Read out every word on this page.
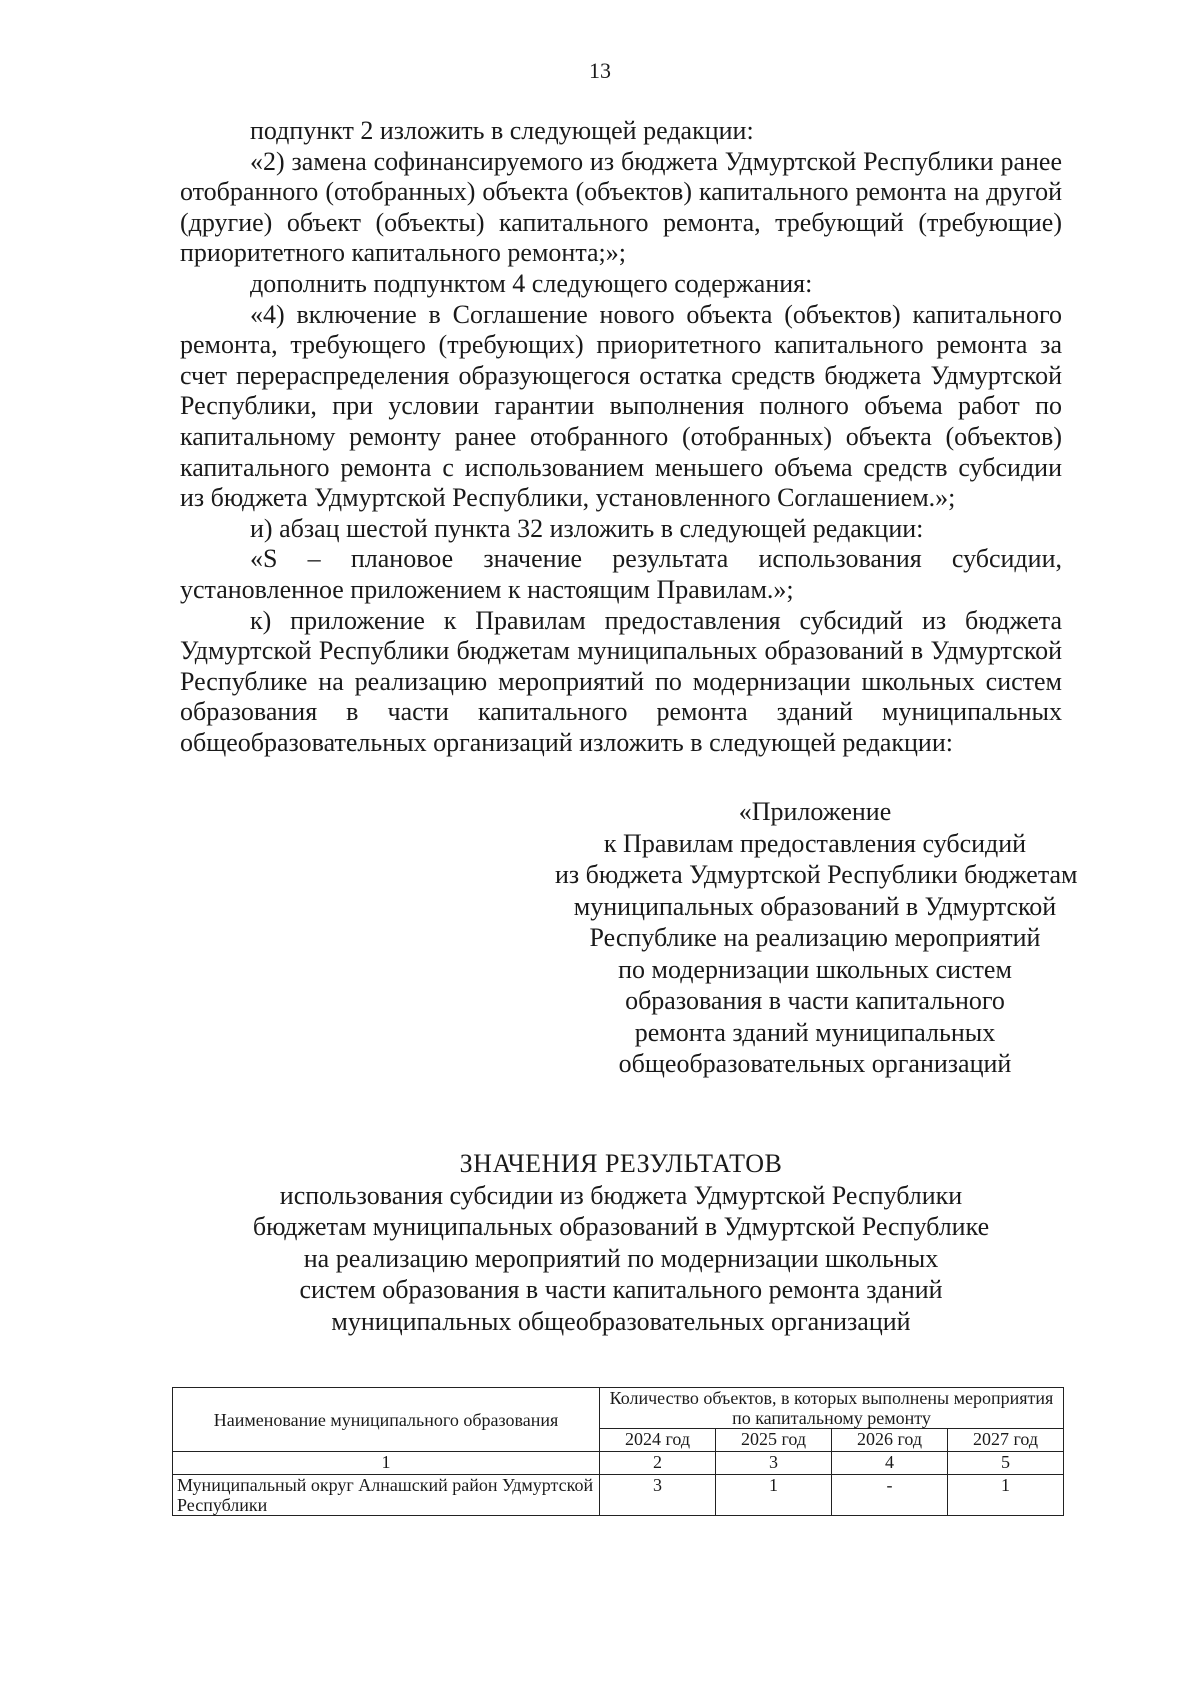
13

подпункт 2 изложить в следующей редакции:

«2) замена софинансируемого из бюджета Удмуртской Республики ранее отобранного (отобранных) объекта (объектов) капитального ремонта на другой (другие) объект (объекты) капитального ремонта, требующий (требующие) приоритетного капитального ремонта;»;

дополнить подпунктом 4 следующего содержания:

«4) включение в Соглашение нового объекта (объектов) капитального ремонта, требующего (требующих) приоритетного капитального ремонта за счет перераспределения образующегося остатка средств бюджета Удмуртской Республики, при условии гарантии выполнения полного объема работ по капитальному ремонту ранее отобранного (отобранных) объекта (объектов) капитального ремонта с использованием меньшего объема средств субсидии из бюджета Удмуртской Республики, установленного Соглашением.»;

и) абзац шестой пункта 32 изложить в следующей редакции:

«S – плановое значение результата использования субсидии, установленное приложением к настоящим Правилам.»;

к) приложение к Правилам предоставления субсидий из бюджета Удмуртской Республики бюджетам муниципальных образований в Удмуртской Республике на реализацию мероприятий по модернизации школьных систем образования в части капитального ремонта зданий муниципальных общеобразовательных организаций изложить в следующей редакции:

«Приложение
к Правилам предоставления субсидий
из бюджета Удмуртской Республики бюджетам
муниципальных образований в Удмуртской
Республике на реализацию мероприятий
по модернизации школьных систем
образования в части капитального
ремонта зданий муниципальных
общеобразовательных организаций
ЗНАЧЕНИЯ РЕЗУЛЬТАТОВ
использования субсидии из бюджета Удмуртской Республики
бюджетам муниципальных образований в Удмуртской Республике
на реализацию мероприятий по модернизации школьных
систем образования в части капитального ремонта зданий
муниципальных общеобразовательных организаций
Наименование муниципального образования	Количество объектов, в которых выполнены мероприятия по капитальному ремонту			
	2024 год	2025 год	2026 год	2027 год
1	2	3	4	5
Муниципальный округ Алнашский район Удмуртской Республики	3	1	-	1
